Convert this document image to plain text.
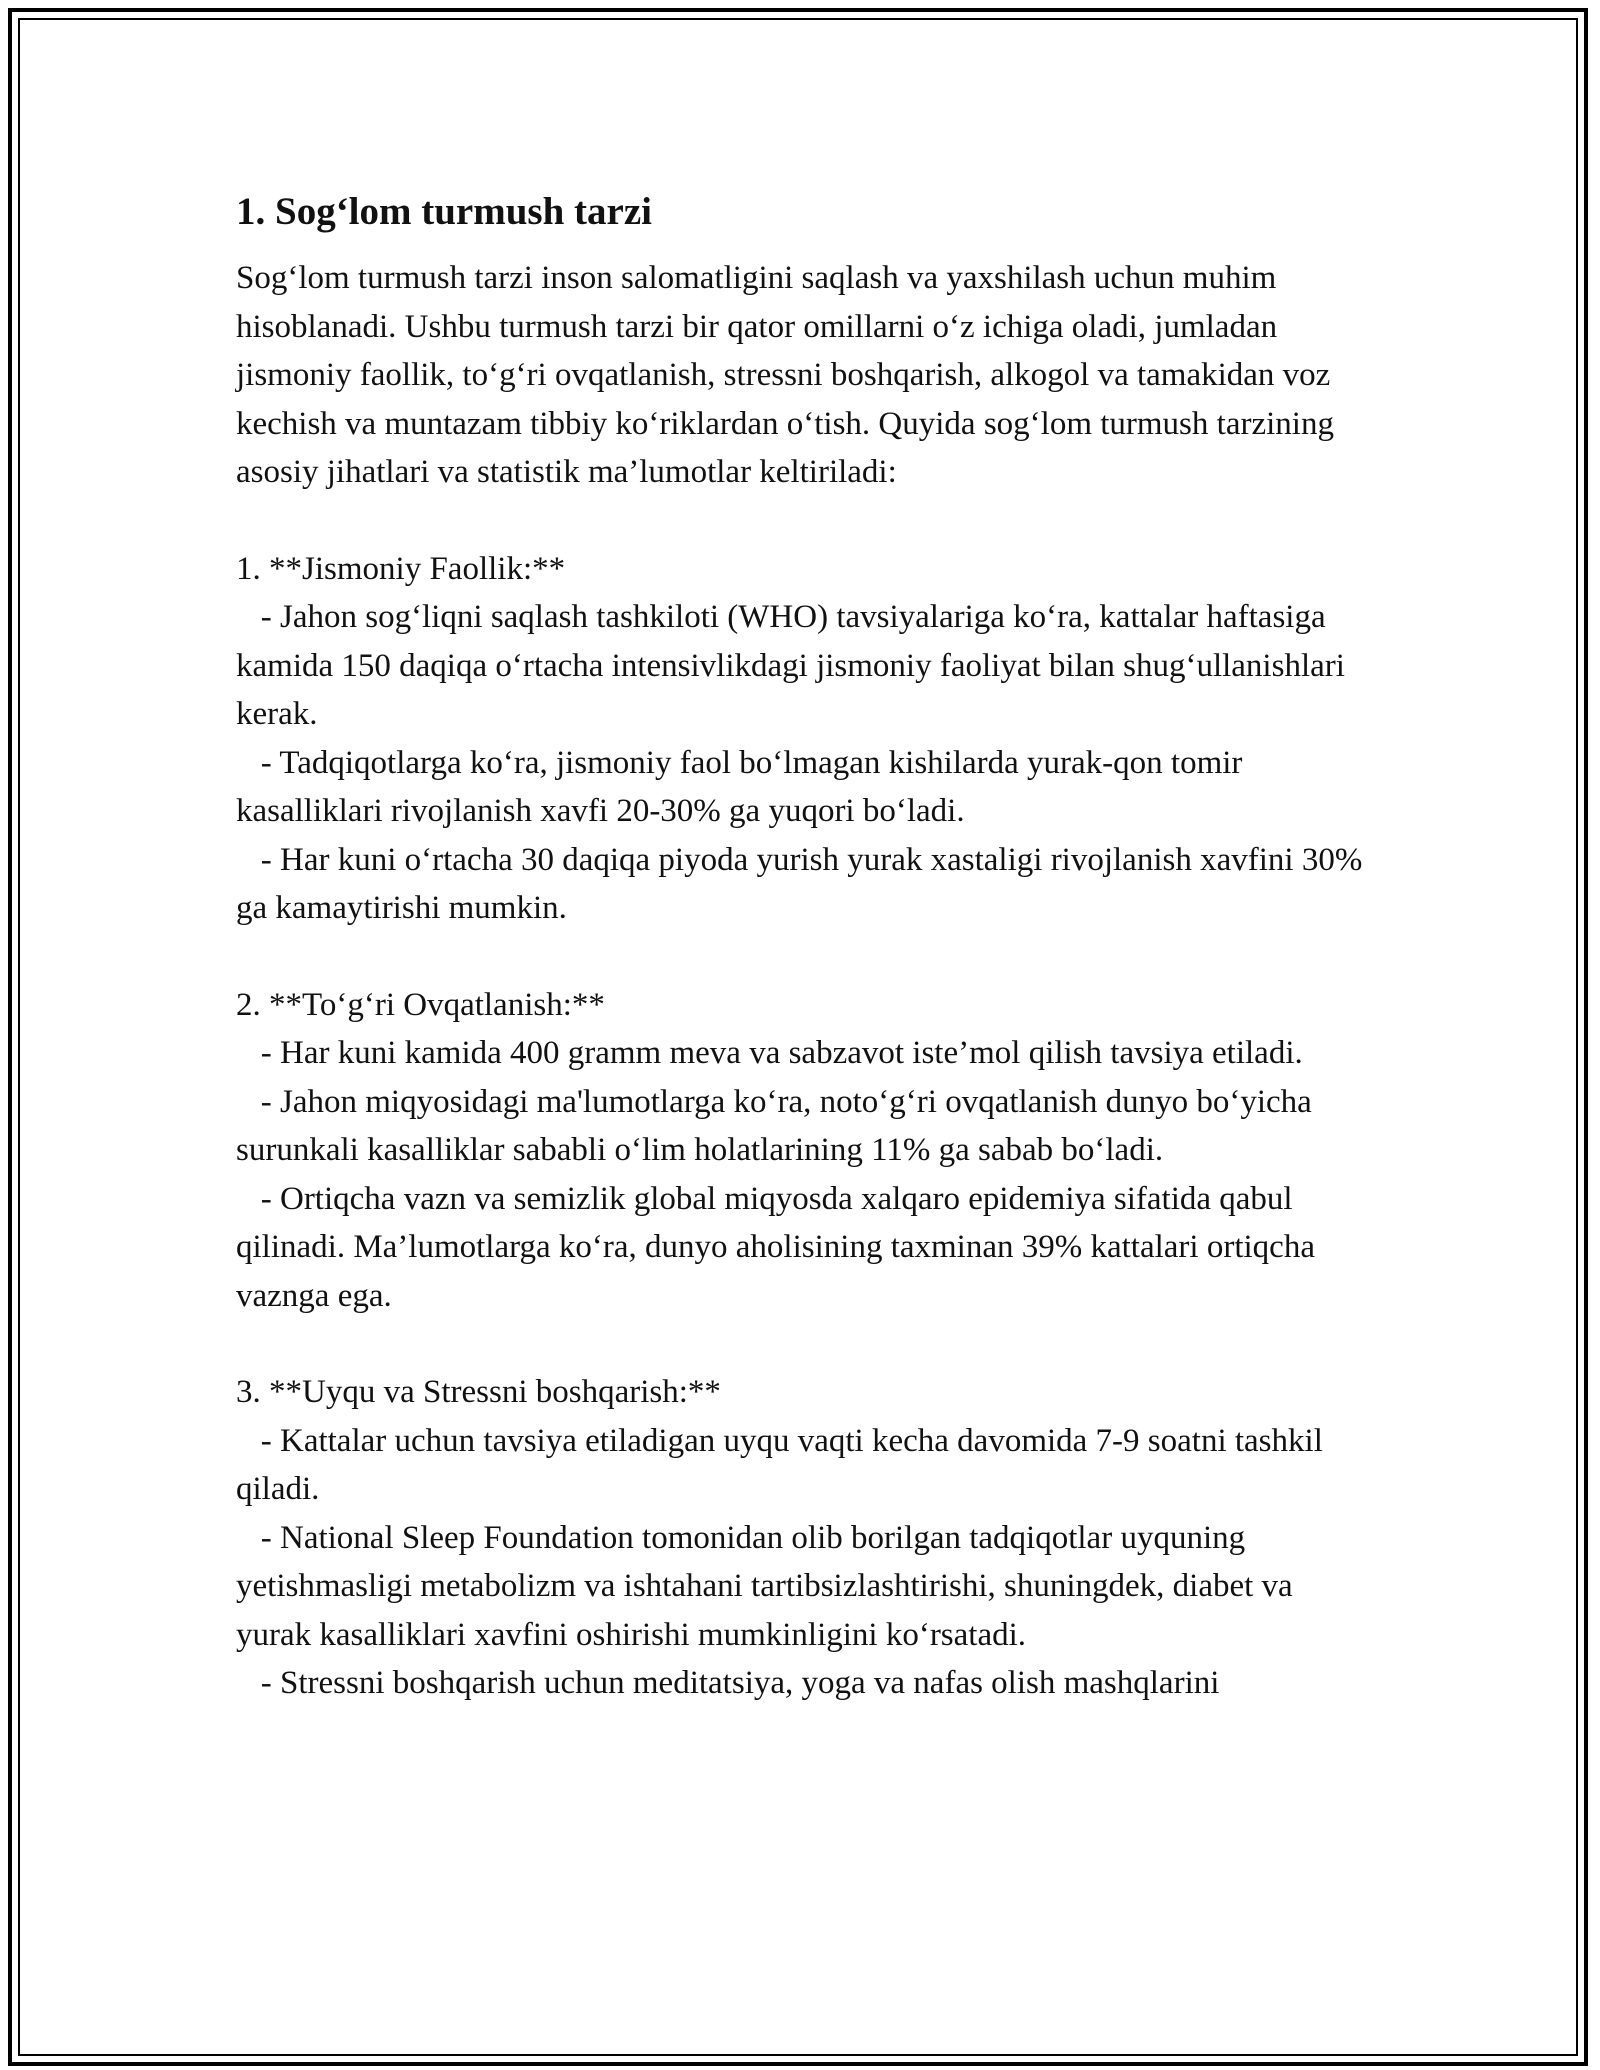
1. Sog‘lom turmush tarzi
Sog‘lom turmush tarzi inson salomatligini saqlash va yaxshilash uchun muhim hisoblanadi. Ushbu turmush tarzi bir qator omillarni o‘z ichiga oladi, jumladan jismoniy faollik, to‘g‘ri ovqatlanish, stressni boshqarish, alkogol va tamakidan voz kechish va muntazam tibbiy ko‘riklardan o‘tish. Quyida sog‘lom turmush tarzining asosiy jihatlari va statistik ma’lumotlar keltiriladi:
1. **Jismoniy Faollik:**
- Jahon sog‘liqni saqlash tashkiloti (WHO) tavsiyalariga ko‘ra, kattalar haftasiga kamida 150 daqiqa o‘rtacha intensivlikdagi jismoniy faoliyat bilan shug‘ullanishlari kerak.
- Tadqiqotlarga ko‘ra, jismoniy faol bo‘lmagan kishilarda yurak-qon tomir kasalliklari rivojlanish xavfi 20-30% ga yuqori bo‘ladi.
- Har kuni o‘rtacha 30 daqiqa piyoda yurish yurak xastaligi rivojlanish xavfini 30% ga kamaytirishi mumkin.
2. **To‘g‘ri Ovqatlanish:**
- Har kuni kamida 400 gramm meva va sabzavot iste’mol qilish tavsiya etiladi.
- Jahon miqyosidagi ma'lumotlarga ko‘ra, noto‘g‘ri ovqatlanish dunyo bo‘yicha surunkali kasalliklar sababli o‘lim holatlarining 11% ga sabab bo‘ladi.
- Ortiqcha vazn va semizlik global miqyosda xalqaro epidemiya sifatida qabul qilinadi. Ma’lumotlarga ko‘ra, dunyo aholisining taxminan 39% kattalari ortiqcha vaznga ega.
3. **Uyqu va Stressni boshqarish:**
- Kattalar uchun tavsiya etiladigan uyqu vaqti kecha davomida 7-9 soatni tashkil qiladi.
- National Sleep Foundation tomonidan olib borilgan tadqiqotlar uyquning yetishmasligi metabolizm va ishtahani tartibsizlashtirishi, shuningdek, diabet va yurak kasalliklari xavfini oshirishi mumkinligini ko‘rsatadi.
- Stressni boshqarish uchun meditatsiya, yoga va nafas olish mashqlarini
